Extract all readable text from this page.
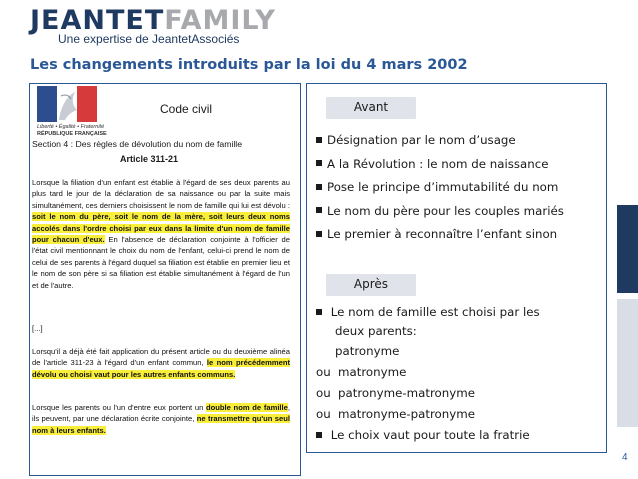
JEANTETFAMILY
Une expertise de JeantetAssociés
Les changements introduits par la loi du 4 mars 2002
Liberté • Égalité • Fraternité
RÉPUBLIQUE FRANÇAISE
Code civil
Section 4 : Des règles de dévolution du nom de famille
Article 311-21
Lorsque la filiation d'un enfant est établie à l'égard de ses deux parents au plus tard le jour de la déclaration de sa naissance ou par la suite mais simultanément, ces derniers choisissent le nom de famille qui lui est dévolu : soit le nom du père, soit le nom de la mère, soit leurs deux noms accolés dans l'ordre choisi par eux dans la limite d'un nom de famille pour chacun d'eux. En l'absence de déclaration conjointe à l'officier de l'état civil mentionnant le choix du nom de l'enfant, celui-ci prend le nom de celui de ses parents à l'égard duquel sa filiation est établie en premier lieu et le nom de son père si sa filiation est établie simultanément à l'égard de l'un et de l'autre.
[...]
Lorsqu'il a déjà été fait application du présent article ou du deuxième alinéa de l'article 311-23 à l'égard d'un enfant commun, le nom précédemment dévolu ou choisi vaut pour les autres enfants communs.
Lorsque les parents ou l'un d'entre eux portent un double nom de famille, ils peuvent, par une déclaration écrite conjointe, ne transmettre qu'un seul nom à leurs enfants.
Avant
Désignation par le nom d’usage
A la Révolution : le nom de naissance
Pose le principe d’immutabilité du nom
Le nom du père pour les couples mariés
Le premier à reconnaître l’enfant sinon
Après
Le nom de famille est choisi par les
deux parents:
patronyme
ou matronyme
ou patronyme-matronyme
ou matronyme-patronyme
Le choix vaut pour toute la fratrie
4
